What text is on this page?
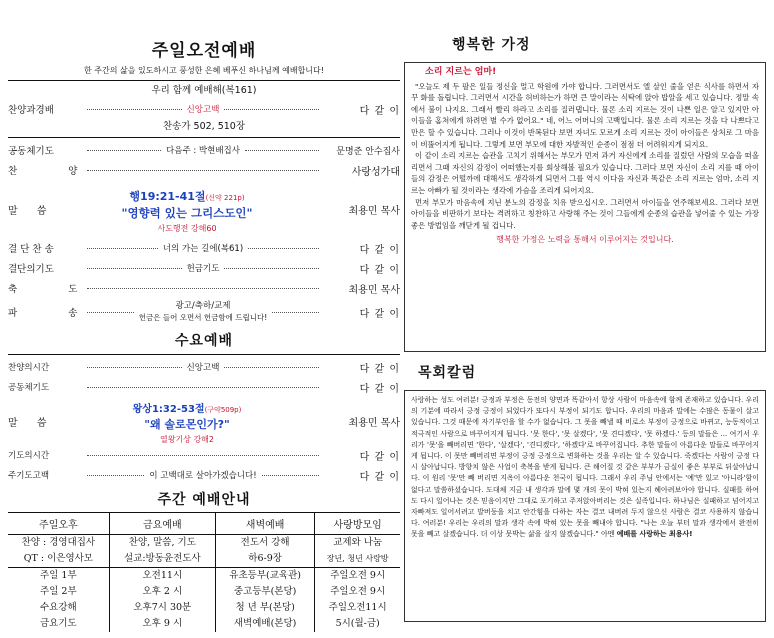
주일오전예배
한 주간의 삶을 있도하시고 풍성한 은혜 베푸신 하나님께 예배합니다!
우리 함께 예배해(복161)
찬양과경배	신앙고백	다 같 이
찬송가 502, 510장
공동체기도	다음주 : 박현배집사	문명준 안수집사
찬 양	사랑성가대
말 씀
행19:21-41절(신약 221p)
"영향력 있는 그리스도인"
사도행전 강해60
최용민 목사
결 단 찬 송	너의 가는 길에(복61)	다 같 이
결단의기도	헌금기도	다 같 이
축 도	최용민 목사
파 송
광고/축하/교제
헌금은 들어 오면서 헌금함에 드립니다!	다 같 이
수요예배
찬양의시간	신앙고백	다 같 이
공동체기도	다 같 이
말 씀
왕상1:32-53절(구약509p)
"왜 솔로몬인가?"
열왕기상 강해2
최용민 목사
기도의시간	다 같 이
주기도고백	이 고백대로 살아가겠습니다!	다 같 이
주간 예배안내
주일오후	금요예배	새벽예배	사랑방모임
찬양 : 경영대집사	찬양, 말씀, 기도	전도서 강해	교제와 나눔
QT : 이은영사모	설교:방동윤전도사	하6-9장	장년, 청년 사랑방
주일 1부	오전11시	유초등부(교육관)	주일오전 9시
주일 2부	오후 2 시	중고등부(본당)	주일오전 9시
수요강해	오후7시 30분	청 년 부(본당)	주일오전11시
금요기도	오후 9 시	새벽예배(본당)	5시(월-금)
행복한 가정
소리 지르는 엄마!

"오늘도 제 두 팔은 일들 정신을 멀고 학원에 가야 합니다. 그러면서도 엘 살인 줄을 얻은 식사를 하면서 자꾸 화를 돌립니다. 그러면서 시간을 허비하는가 하면 큰 말이라는 식탁에 앉아 밥알을 세고 있습니다. 정말 속에서 불이 나지요. 그래서 빨리 하라고 소리를 질러댑니다. 물론 소리 지르는 것이 나쁜 일은 알고 있지만 아이들을 홈쳐에게 하려면 별 수가 없어요." 네, 어느 어머니의 고백입니다. 물론 소리 지르는 것을 다 나쁘다고만은 할 수 있습니다. 그러나 이것이 반복된다 보면 자녀도 모르게 소리 지르는 것이 아이들은 상처로 그 마음이 비뚤어지게 됩니다. 그렇게 보면 부모에 대한 자발적인 순종이 점점 더 어려워지게 되지요.

이 같이 소리 지르는 습관을 고치기 위해서는 부모가 먼저 과거 자신에게 소리를 질렀던 사람의 모습을 떠올리면서 그때 자신의 감정이 어떠했는지를 회상해볼 필요가 있습니다. 그러다 보면 자신이 소리 지를 때 아이들의 감정은 어떨까에 대해서도 생각하게 되면서 그를 역시 이다음 자신과 똑같은 소리 지르는 엄마, 소리 지르는 아빠가 될 것이라는 생각에 가슴을 조리게 되어지요.

먼저 부모가 마음속에 지닌 분노의 감정을 치유 받으십시오. 그러면서 아이들을 연주해보세요. 그러다 보면 아이들을 비판하기 보다는 격려하고 칭찬하고 사랑해 주는 것이 그들에게 순종의 습관을 넣어줄 수 있는 가장 좋은 방법임을 깨닫게 될 겁니다.

행복한 가정은 노력을 통해서 이루어지는 것입니다.
목회칼럼
사랑하는 성도 여러분! 긍정과 부정은 동전의 양면과 똑같아서 항상 사람이 마음속에 함께 존재하고 있습니다. 우리의 기분에 따라서 긍정 긍정이 되었다가 또다시 부정이 되기도 합니다. 우리의 마음과 말에는 수많은 동물이 살고 있습니다. 그것 때문에 자기부인을 할 수가 없습니다. 그 못을 빼낼 때 비로소 부정이 긍정으로 바뀌고, 능동적이고 적극적인 사람으로 바꾸어지게 됩니다. '못 한다', '못 살겠다', '못 견디겠다', '못 하겠다.' 등의 말들은 ... 여기서 우리가 '못'을 빼버리면 '한다', '살겠다', '견디겠다', '하겠다'로 바꾸어집니다. 추한 말들이 아름다운 말들로 바꾸어지게 됩니다. 이 못만 빼버리면 부정이 긍정 긍정으로 변화하는 것을 우리는 알 수 있습니다. 죽겠다는 사람이 긍정 다시 살아납니다. 방향치 않은 사업이 축복을 받게 됩니다. 큰 해어질 것 같은 부부가 금실이 좋은 부부로 뒤살아납니다. 이 원리 '못'만 빼 버리면 지옥이 아름다운 천국이 됩니다. 그래서 우리 주님 안에서는 '예'만 있고 '아니라'함이 없다고 말씀하셨습니다. 도대체 지금 내 생각과 말에 몇 개의 못이 박혀 있는지 헤아려보아야 합니다. 실패를 하여도 다시 일어나는 것은 믿음이지만 그대로 포기하고 주저앉아버리는 것은 실족입니다. 하나님은 실패하고 넘어지고 자빠져도 일어서려고 발버둥을 치고 안간힘을 다하는 자는 결코 내버려 두지 않으신 사람은 결코 사용하지 않습니다. 여러분! 우리는 우리의 말과 생각 속에 박혀 있는 못을 빼내야 합니다. "나는 오늘 부터 말과 생각에서 완전히 못을 빼고 살겠습니다. 더 이상 못박는 삶을 살지 않겠습니다." 아멘 예배를 사랑하는 최용사!
